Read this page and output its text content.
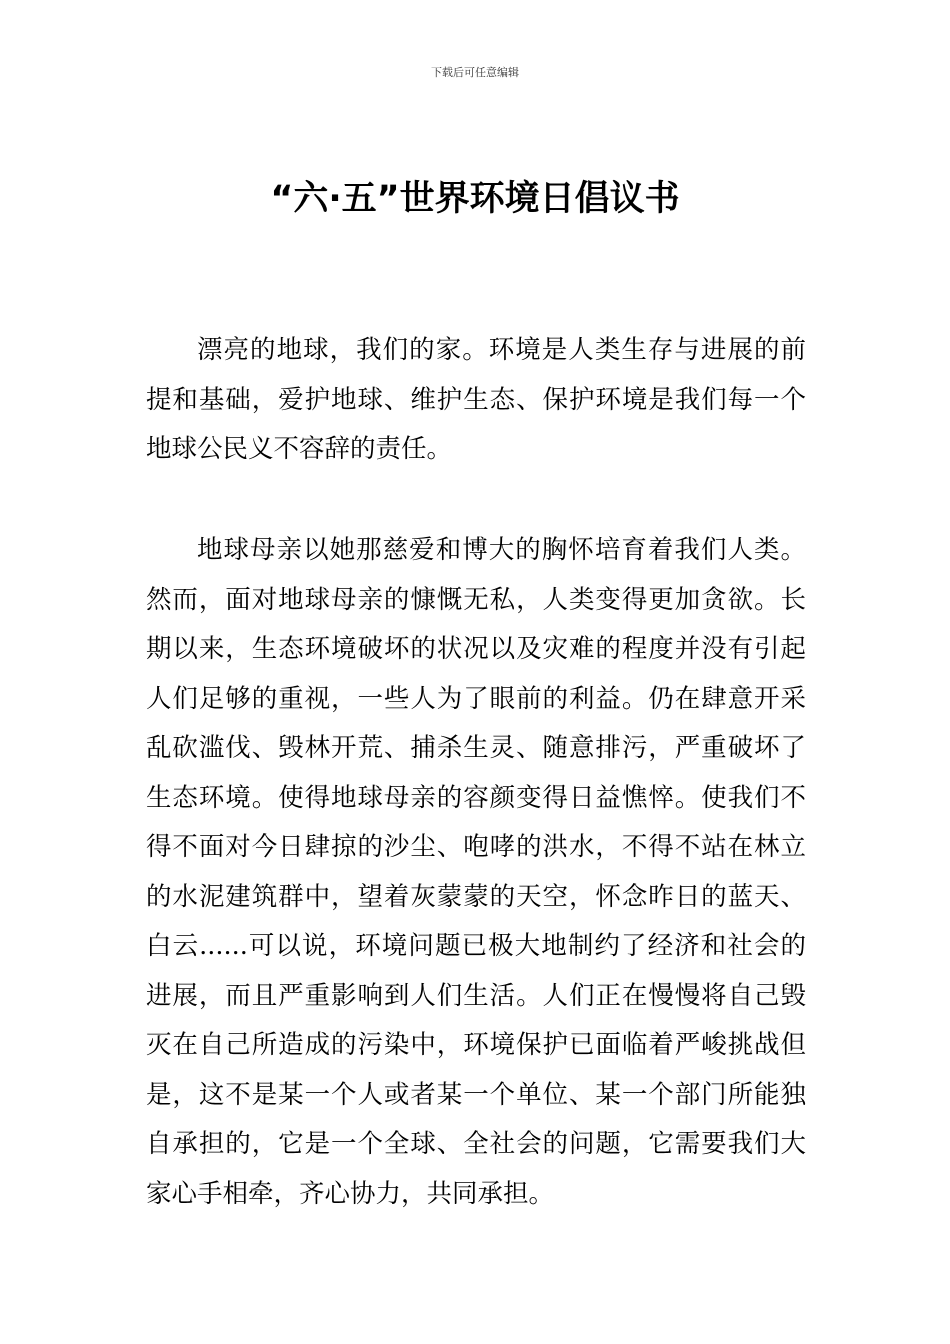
下载后可任意编辑
“六·五”世界环境日倡议书

漂亮的地球，我们的家。环境是人类生存与进展的前提和基础，爱护地球、维护生态、保护环境是我们每一个地球公民义不容辞的责任。

地球母亲以她那慈爱和博大的胸怀培育着我们人类。然而，面对地球母亲的慷慨无私，人类变得更加贪欲。长期以来，生态环境破坏的状况以及灾难的程度并没有引起人们足够的重视，一些人为了眼前的利益。仍在肆意开采乱砍滥伐、毁林开荒、捕杀生灵、随意排污，严重破坏了生态环境。使得地球母亲的容颜变得日益憔悴。使我们不得不面对今日肆掠的沙尘、咆哮的洪水，不得不站在林立的水泥建筑群中，望着灰蒙蒙的天空，怀念昨日的蓝天、白云......可以说，环境问题已极大地制约了经济和社会的进展，而且严重影响到人们生活。人们正在慢慢将自己毁灭在自己所造成的污染中，环境保护已面临着严峻挑战但是，这不是某一个人或者某一个单位、某一个部门所能独自承担的，它是一个全球、全社会的问题，它需要我们大家心手相牵，齐心协力，共同承担。
